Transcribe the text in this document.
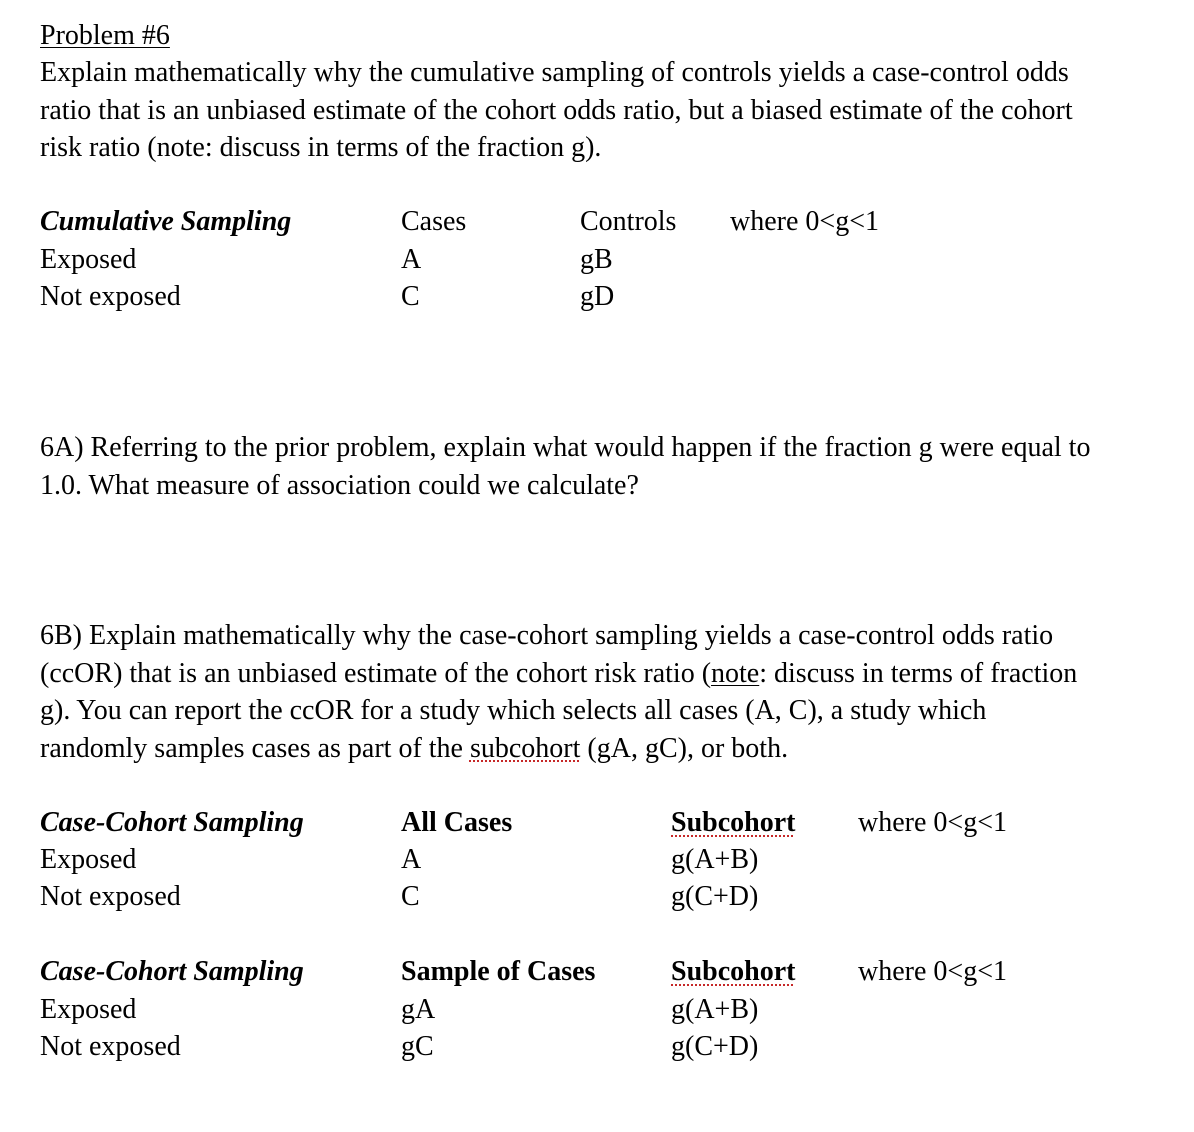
Problem #6
Explain mathematically why the cumulative sampling of controls yields a case-control odds
ratio that is an unbiased estimate of the cohort odds ratio, but a biased estimate of the cohort
risk ratio (note: discuss in terms of the fraction g).
Cumulative Sampling	Cases	Controls where 0<g<1
Exposed	A	gB
Not exposed	C	gD
6A) Referring to the prior problem, explain what would happen if the fraction g were equal to
1.0. What measure of association could we calculate?
6B) Explain mathematically why the case-cohort sampling yields a case-control odds ratio
(ccOR) that is an unbiased estimate of the cohort risk ratio (note: discuss in terms of fraction
g). You can report the ccOR for a study which selects all cases (A, C), a study which
randomly samples cases as part of the subcohort (gA, gC), or both.
Case-Cohort Sampling	All Cases	Subcohort where 0<g<1
Exposed	A	g(A+B)
Not exposed	C	g(C+D)
Case-Cohort Sampling	Sample of Cases	Subcohort where 0<g<1
Exposed	gA	g(A+B)
Not exposed	gC	g(C+D)
